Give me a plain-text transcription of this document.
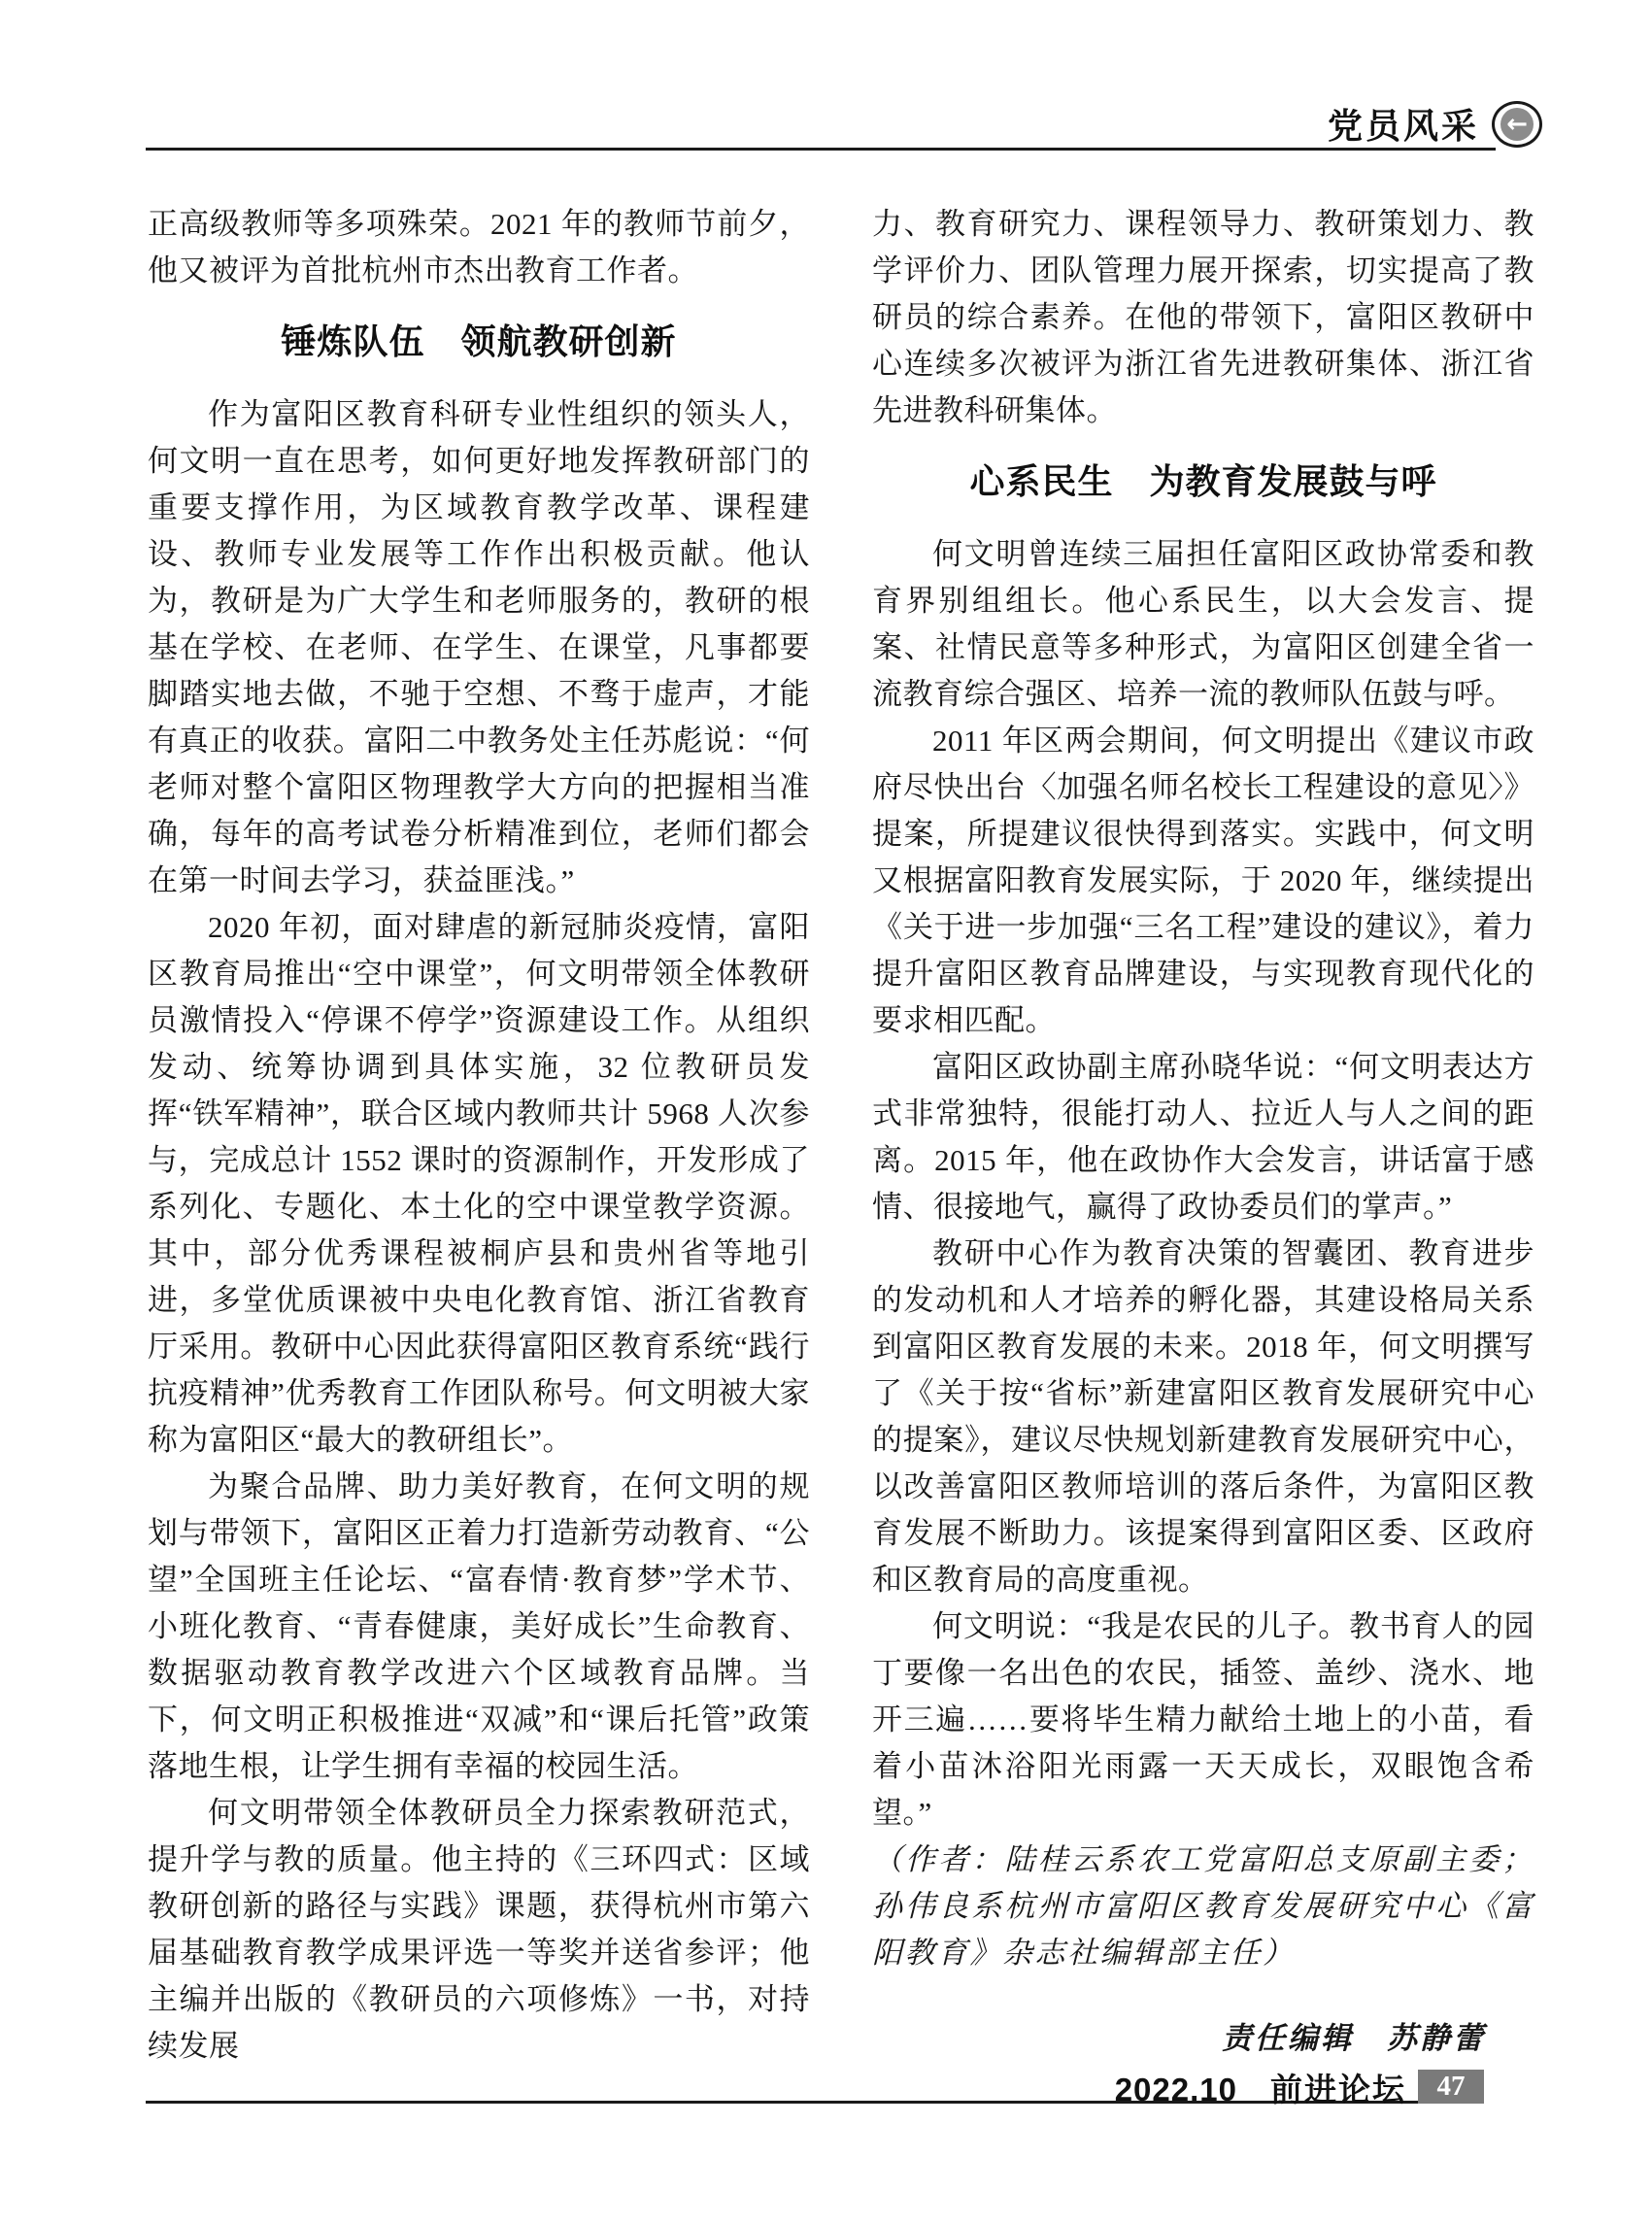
党员风采 ←

正高级教师等多项殊荣。2021 年的教师节前夕，他又被评为首批杭州市杰出教育工作者。

锤炼队伍　领航教研创新

作为富阳区教育科研专业性组织的领头人，何文明一直在思考，如何更好地发挥教研部门的重要支撑作用，为区域教育教学改革、课程建设、教师专业发展等工作作出积极贡献。他认为，教研是为广大学生和老师服务的，教研的根基在学校、在老师、在学生、在课堂，凡事都要脚踏实地去做，不驰于空想、不骛于虚声，才能有真正的收获。富阳二中教务处主任苏彪说：“何老师对整个富阳区物理教学大方向的把握相当准确，每年的高考试卷分析精准到位，老师们都会在第一时间去学习，获益匪浅。”

2020 年初，面对肆虐的新冠肺炎疫情，富阳区教育局推出“空中课堂”，何文明带领全体教研员激情投入“停课不停学”资源建设工作。从组织发动、统筹协调到具体实施，32 位教研员发挥“铁军精神”，联合区域内教师共计 5968 人次参与，完成总计 1552 课时的资源制作，开发形成了系列化、专题化、本土化的空中课堂教学资源。其中，部分优秀课程被桐庐县和贵州省等地引进，多堂优质课被中央电化教育馆、浙江省教育厅采用。教研中心因此获得富阳区教育系统“践行抗疫精神”优秀教育工作团队称号。何文明被大家称为富阳区“最大的教研组长”。

为聚合品牌、助力美好教育，在何文明的规划与带领下，富阳区正着力打造新劳动教育、“公望”全国班主任论坛、“富春情·教育梦”学术节、小班化教育、“青春健康，美好成长”生命教育、数据驱动教育教学改进六个区域教育品牌。当下，何文明正积极推进“双减”和“课后托管”政策落地生根，让学生拥有幸福的校园生活。

何文明带领全体教研员全力探索教研范式，提升学与教的质量。他主持的《三环四式：区域教研创新的路径与实践》课题，获得杭州市第六届基础教育教学成果评选一等奖并送省参评；他主编并出版的《教研员的六项修炼》一书，对持续发展

力、教育研究力、课程领导力、教研策划力、教学评价力、团队管理力展开探索，切实提高了教研员的综合素养。在他的带领下，富阳区教研中心连续多次被评为浙江省先进教研集体、浙江省先进教科研集体。

心系民生　为教育发展鼓与呼

何文明曾连续三届担任富阳区政协常委和教育界别组组长。他心系民生，以大会发言、提案、社情民意等多种形式，为富阳区创建全省一流教育综合强区、培养一流的教师队伍鼓与呼。

2011 年区两会期间，何文明提出《建议市政府尽快出台〈加强名师名校长工程建设的意见〉》提案，所提建议很快得到落实。实践中，何文明又根据富阳教育发展实际，于 2020 年，继续提出《关于进一步加强“三名工程”建设的建议》，着力提升富阳区教育品牌建设，与实现教育现代化的要求相匹配。

富阳区政协副主席孙晓华说：“何文明表达方式非常独特，很能打动人、拉近人与人之间的距离。2015 年，他在政协作大会发言，讲话富于感情、很接地气，赢得了政协委员们的掌声。”

教研中心作为教育决策的智囊团、教育进步的发动机和人才培养的孵化器，其建设格局关系到富阳区教育发展的未来。2018 年，何文明撰写了《关于按“省标”新建富阳区教育发展研究中心的提案》，建议尽快规划新建教育发展研究中心，以改善富阳区教师培训的落后条件，为富阳区教育发展不断助力。该提案得到富阳区委、区政府和区教育局的高度重视。

何文明说：“我是农民的儿子。教书育人的园丁要像一名出色的农民，插签、盖纱、浇水、地开三遍……要将毕生精力献给土地上的小苗，看着小苗沐浴阳光雨露一天天成长，双眼饱含希望。”

（作者：陆桂云系农工党富阳总支原副主委；孙伟良系杭州市富阳区教育发展研究中心《富阳教育》杂志社编辑部主任）

责任编辑　苏静蕾
2022.10 前进论坛	47
